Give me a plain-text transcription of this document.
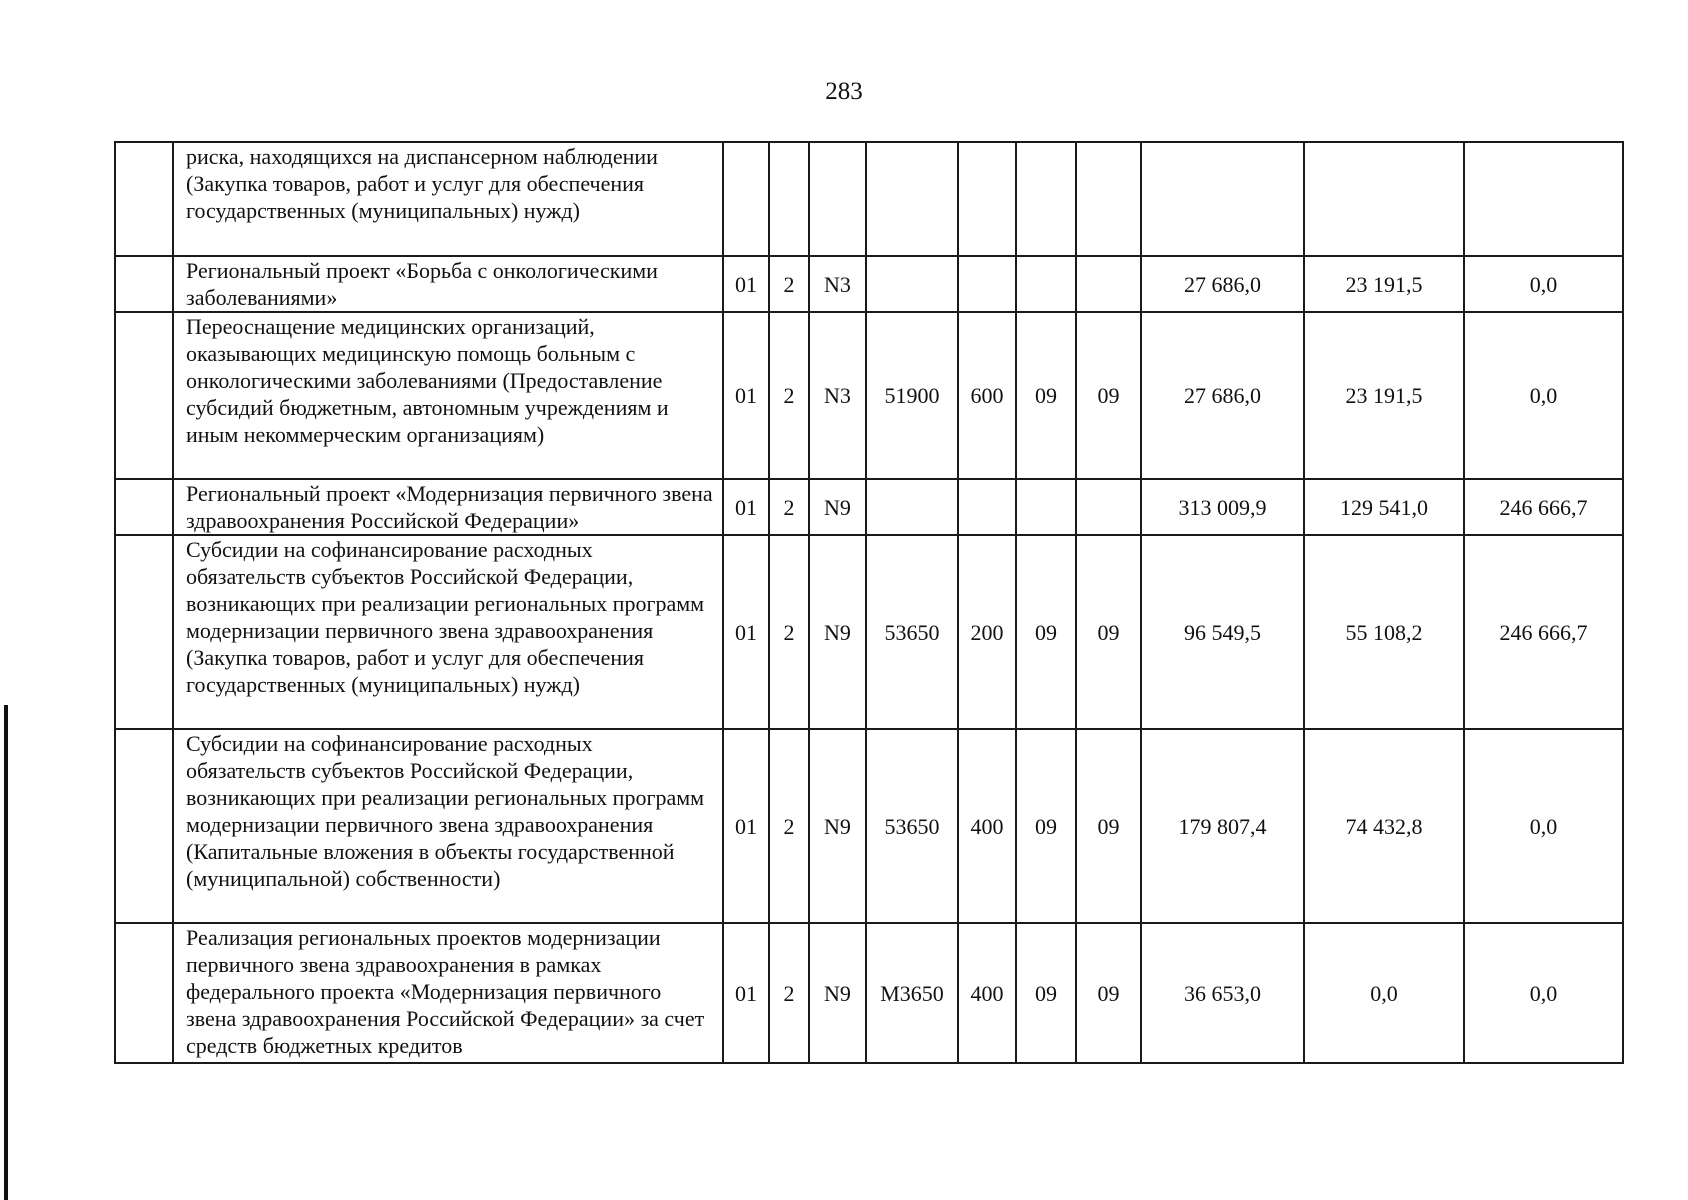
283
	риска, находящихся на диспансерном наблюдении (Закупка товаров, работ и услуг для обеспечения государственных (муниципальных) нужд)										
	Региональный проект «Борьба с онкологическими заболеваниями»	01	2	N3					27 686,0	23 191,5	0,0
	Переоснащение медицинских организаций, оказывающих медицинскую помощь больным с онкологическими заболеваниями (Предоставление субсидий бюджетным, автономным учреждениям и иным некоммерческим организациям)	01	2	N3	51900	600	09	09	27 686,0	23 191,5	0,0
	Региональный проект «Модернизация первичного звена здравоохранения Российской Федерации»	01	2	N9					313 009,9	129 541,0	246 666,7
	Субсидии на софинансирование расходных обязательств субъектов Российской Федерации, возникающих при реализации региональных программ модернизации первичного звена здравоохранения (Закупка товаров, работ и услуг для обеспечения государственных (муниципальных) нужд)	01	2	N9	53650	200	09	09	96 549,5	55 108,2	246 666,7
	Субсидии на софинансирование расходных обязательств субъектов Российской Федерации, возникающих при реализации региональных программ модернизации первичного звена здравоохранения (Капитальные вложения в объекты государственной (муниципальной) собственности)	01	2	N9	53650	400	09	09	179 807,4	74 432,8	0,0
	Реализация региональных проектов модернизации первичного звена здравоохранения в рамках федерального проекта «Модернизация первичного звена здравоохранения Российской Федерации» за счет средств бюджетных кредитов	01	2	N9	М3650	400	09	09	36 653,0	0,0	0,0
